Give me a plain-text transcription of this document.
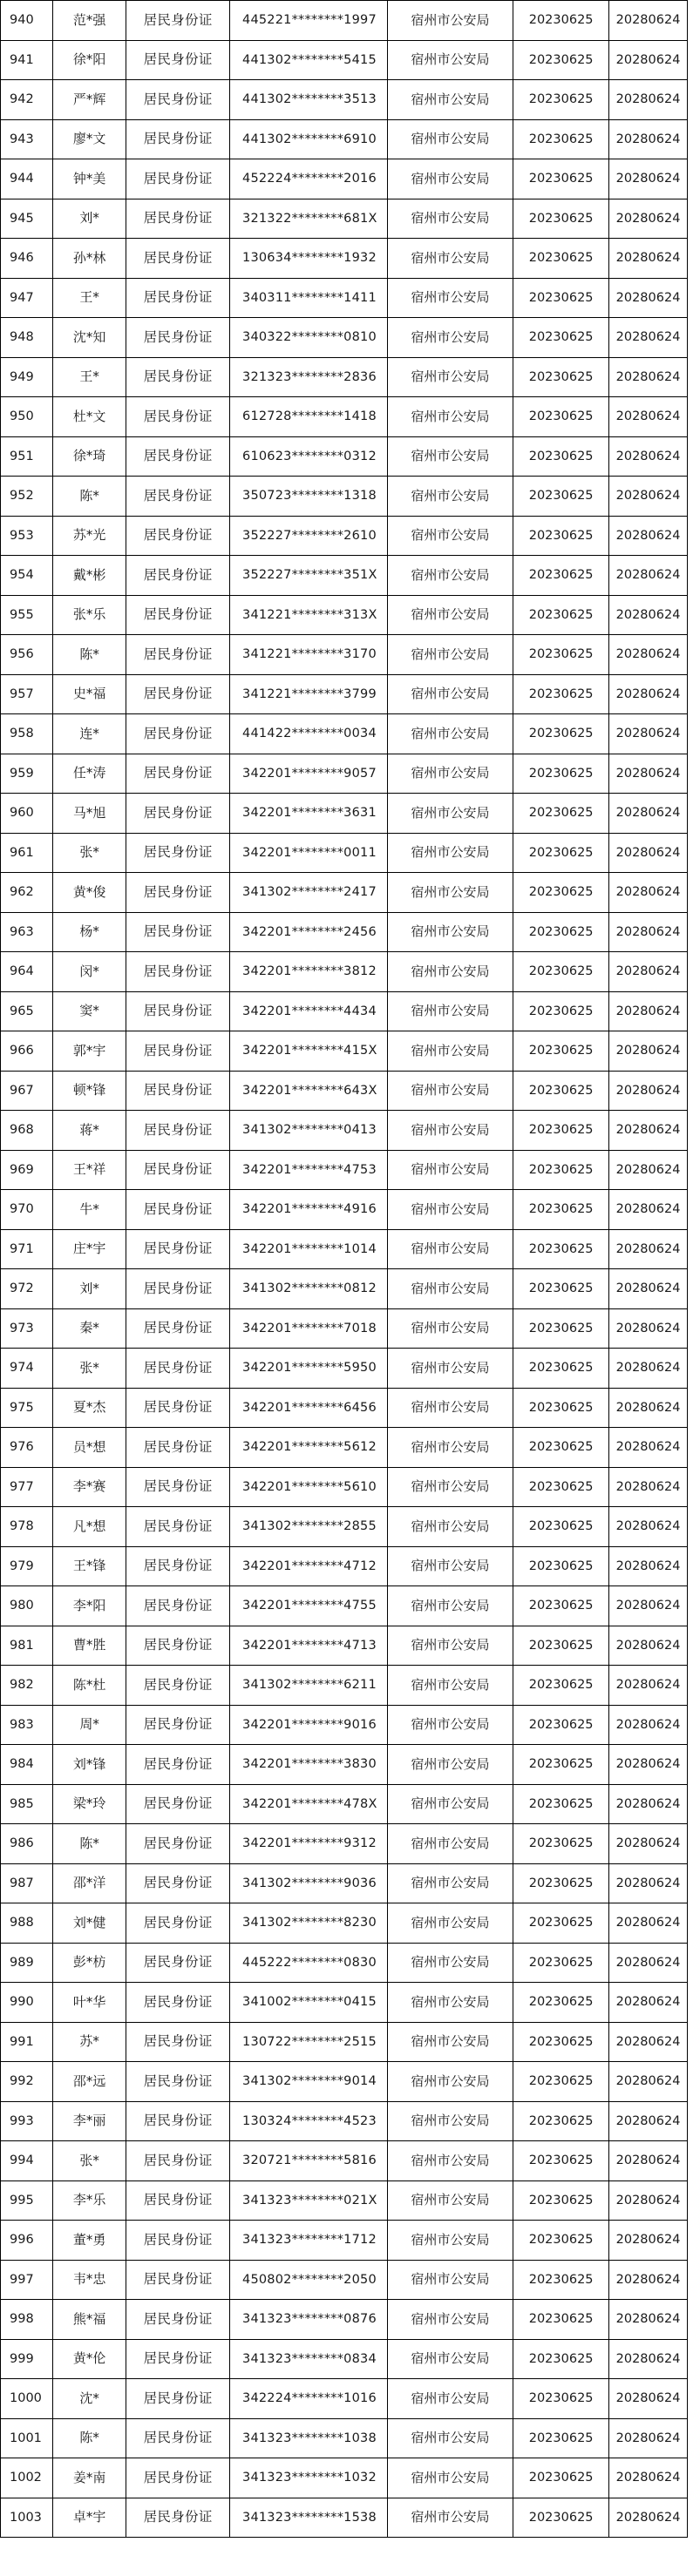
940	范*强	居民身份证	445221********1997	宿州市公安局	20230625	20280624
941	徐*阳	居民身份证	441302********5415	宿州市公安局	20230625	20280624
942	严*辉	居民身份证	441302********3513	宿州市公安局	20230625	20280624
943	廖*文	居民身份证	441302********6910	宿州市公安局	20230625	20280624
944	钟*美	居民身份证	452224********2016	宿州市公安局	20230625	20280624
945	刘*	居民身份证	321322********681X	宿州市公安局	20230625	20280624
946	孙*林	居民身份证	130634********1932	宿州市公安局	20230625	20280624
947	王*	居民身份证	340311********1411	宿州市公安局	20230625	20280624
948	沈*知	居民身份证	340322********0810	宿州市公安局	20230625	20280624
949	王*	居民身份证	321323********2836	宿州市公安局	20230625	20280624
950	杜*文	居民身份证	612728********1418	宿州市公安局	20230625	20280624
951	徐*琦	居民身份证	610623********0312	宿州市公安局	20230625	20280624
952	陈*	居民身份证	350723********1318	宿州市公安局	20230625	20280624
953	苏*光	居民身份证	352227********2610	宿州市公安局	20230625	20280624
954	戴*彬	居民身份证	352227********351X	宿州市公安局	20230625	20280624
955	张*乐	居民身份证	341221********313X	宿州市公安局	20230625	20280624
956	陈*	居民身份证	341221********3170	宿州市公安局	20230625	20280624
957	史*福	居民身份证	341221********3799	宿州市公安局	20230625	20280624
958	连*	居民身份证	441422********0034	宿州市公安局	20230625	20280624
959	任*涛	居民身份证	342201********9057	宿州市公安局	20230625	20280624
960	马*旭	居民身份证	342201********3631	宿州市公安局	20230625	20280624
961	张*	居民身份证	342201********0011	宿州市公安局	20230625	20280624
962	黄*俊	居民身份证	341302********2417	宿州市公安局	20230625	20280624
963	杨*	居民身份证	342201********2456	宿州市公安局	20230625	20280624
964	闵*	居民身份证	342201********3812	宿州市公安局	20230625	20280624
965	窦*	居民身份证	342201********4434	宿州市公安局	20230625	20280624
966	郭*宇	居民身份证	342201********415X	宿州市公安局	20230625	20280624
967	顿*锋	居民身份证	342201********643X	宿州市公安局	20230625	20280624
968	蒋*	居民身份证	341302********0413	宿州市公安局	20230625	20280624
969	王*祥	居民身份证	342201********4753	宿州市公安局	20230625	20280624
970	牛*	居民身份证	342201********4916	宿州市公安局	20230625	20280624
971	庄*宇	居民身份证	342201********1014	宿州市公安局	20230625	20280624
972	刘*	居民身份证	341302********0812	宿州市公安局	20230625	20280624
973	秦*	居民身份证	342201********7018	宿州市公安局	20230625	20280624
974	张*	居民身份证	342201********5950	宿州市公安局	20230625	20280624
975	夏*杰	居民身份证	342201********6456	宿州市公安局	20230625	20280624
976	员*想	居民身份证	342201********5612	宿州市公安局	20230625	20280624
977	李*赛	居民身份证	342201********5610	宿州市公安局	20230625	20280624
978	凡*想	居民身份证	341302********2855	宿州市公安局	20230625	20280624
979	王*锋	居民身份证	342201********4712	宿州市公安局	20230625	20280624
980	李*阳	居民身份证	342201********4755	宿州市公安局	20230625	20280624
981	曹*胜	居民身份证	342201********4713	宿州市公安局	20230625	20280624
982	陈*杜	居民身份证	341302********6211	宿州市公安局	20230625	20280624
983	周*	居民身份证	342201********9016	宿州市公安局	20230625	20280624
984	刘*锋	居民身份证	342201********3830	宿州市公安局	20230625	20280624
985	梁*玲	居民身份证	342201********478X	宿州市公安局	20230625	20280624
986	陈*	居民身份证	342201********9312	宿州市公安局	20230625	20280624
987	邵*洋	居民身份证	341302********9036	宿州市公安局	20230625	20280624
988	刘*健	居民身份证	341302********8230	宿州市公安局	20230625	20280624
989	彭*枋	居民身份证	445222********0830	宿州市公安局	20230625	20280624
990	叶*华	居民身份证	341002********0415	宿州市公安局	20230625	20280624
991	苏*	居民身份证	130722********2515	宿州市公安局	20230625	20280624
992	邵*远	居民身份证	341302********9014	宿州市公安局	20230625	20280624
993	李*丽	居民身份证	130324********4523	宿州市公安局	20230625	20280624
994	张*	居民身份证	320721********5816	宿州市公安局	20230625	20280624
995	李*乐	居民身份证	341323********021X	宿州市公安局	20230625	20280624
996	董*勇	居民身份证	341323********1712	宿州市公安局	20230625	20280624
997	韦*忠	居民身份证	450802********2050	宿州市公安局	20230625	20280624
998	熊*福	居民身份证	341323********0876	宿州市公安局	20230625	20280624
999	黄*伦	居民身份证	341323********0834	宿州市公安局	20230625	20280624
1000	沈*	居民身份证	342224********1016	宿州市公安局	20230625	20280624
1001	陈*	居民身份证	341323********1038	宿州市公安局	20230625	20280624
1002	姜*南	居民身份证	341323********1032	宿州市公安局	20230625	20280624
1003	卓*宇	居民身份证	341323********1538	宿州市公安局	20230625	20280624
